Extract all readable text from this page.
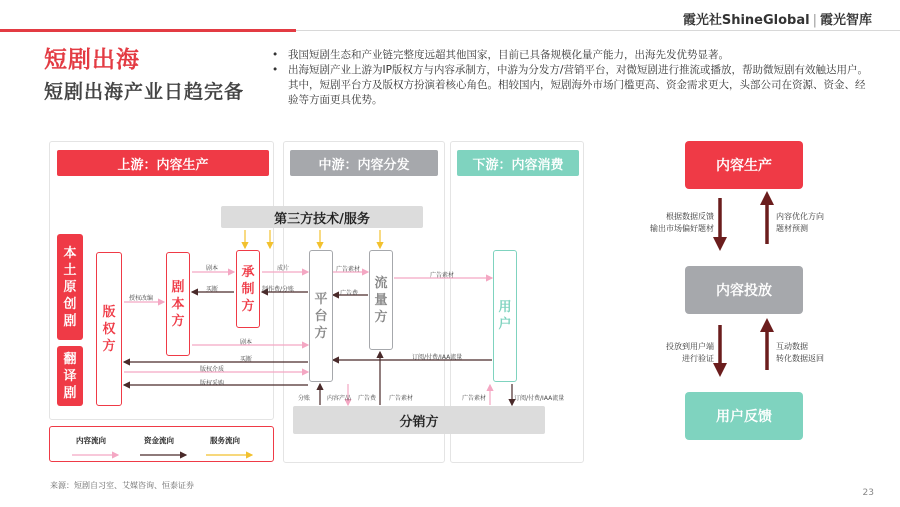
霞光社ShineGlobal | 霞光智库
短剧出海
短剧出海产业日趋完备
• 我国短剧生态和产业链完整度远超其他国家，目前已具备规模化量产能力，出海先发优势显著。
• 出海短剧产业上游为IP版权方与内容承制方，中游为分发方/营销平台，对微短剧进行推流或播放，帮助微短剧有效触达用户。其中，短剧平台方及版权方扮演着核心角色。相较国内，短剧海外市场门槛更高、资金需求更大，头部公司在资源、资金、经验等方面更具优势。
上游：内容生产	中游：内容分发	下游：内容消费
第三方技术/服务
本
土
原
创
剧
翻
译
剧
版
权
方
剧
本
方
承
制
方	平
台
方
流
量
方
用
户
分销方
授权改编
剧本
买断
成片
制作费/分账
剧本
买断
版权介质
版权采购
广告素材
广告费
广告素材
订阅/付费/IAA流量
分账	内容产品 广告费 广告素材	广告素材	订阅/付费/IAA流量
内容流向	资金流向	服务流向
内容生产
内容投放
用户反馈
根据数据反馈
输出市场偏好题材
内容优化方向
题材预测
投放到用户端
进行验证
互动数据
转化数据返回
来源：短剧自习室、艾媒咨询、恒泰证券
23
